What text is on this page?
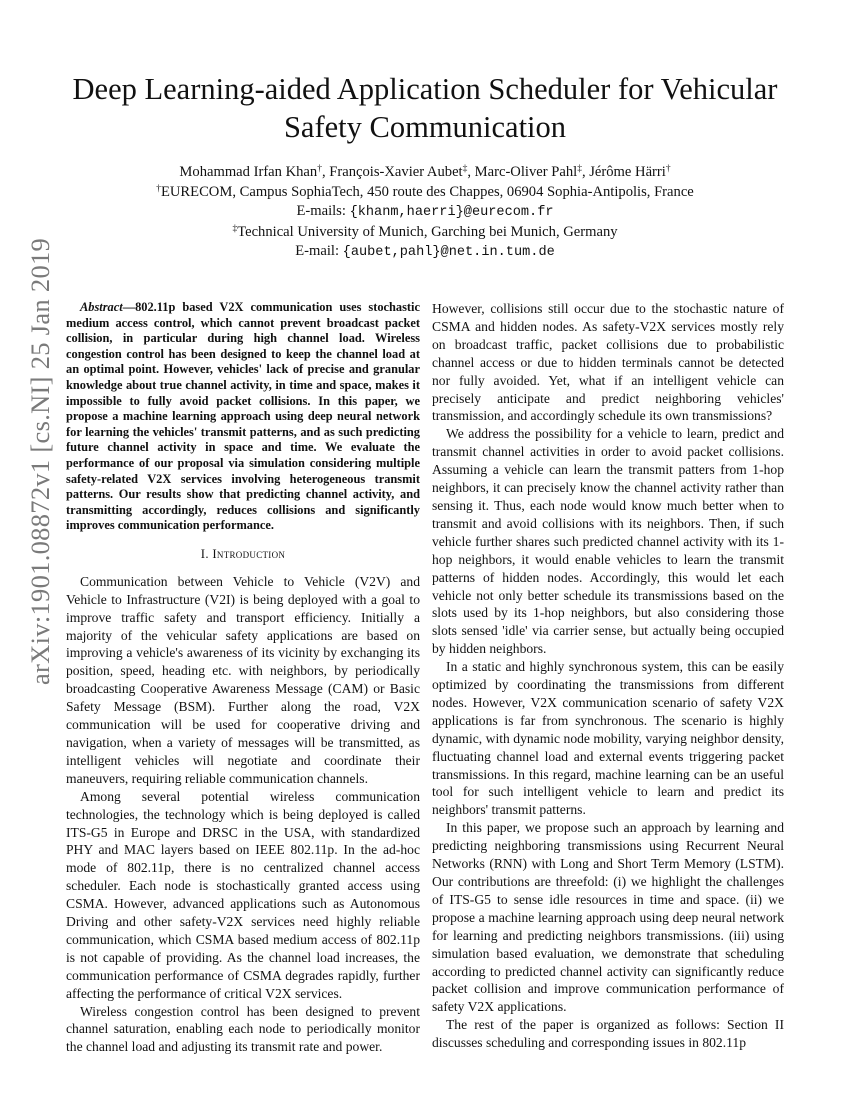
Deep Learning-aided Application Scheduler for Vehicular Safety Communication
Mohammad Irfan Khan†, François-Xavier Aubet‡, Marc-Oliver Pahl‡, Jérôme Härri†
†EURECOM, Campus SophiaTech, 450 route des Chappes, 06904 Sophia-Antipolis, France
E-mails: {khanm,haerri}@eurecom.fr
‡Technical University of Munich, Garching bei Munich, Germany
E-mail: {aubet,pahl}@net.in.tum.de
arXiv:1901.08872v1 [cs.NI] 25 Jan 2019	Abstract—802.11p based V2X communication uses stochastic medium access control, which cannot prevent broadcast packet collision, in particular during high channel load. Wireless congestion control has been designed to keep the channel load at an optimal point. However, vehicles' lack of precise and granular knowledge about true channel activity, in time and space, makes it impossible to fully avoid packet collisions. In this paper, we propose a machine learning approach using deep neural network for learning the vehicles' transmit patterns, and as such predicting future channel activity in space and time. We evaluate the performance of our proposal via simulation considering multiple safety-related V2X services involving heterogeneous transmit patterns. Our results show that predicting channel activity, and transmitting accordingly, reduces collisions and significantly improves communication performance.

I. Introduction

Communication between Vehicle to Vehicle (V2V) and Vehicle to Infrastructure (V2I) is being deployed with a goal to improve traffic safety and transport efficiency. Initially a majority of the vehicular safety applications are based on improving a vehicle's awareness of its vicinity by exchanging its position, speed, heading etc. with neighbors, by periodically broadcasting Cooperative Awareness Message (CAM) or Basic Safety Message (BSM). Further along the road, V2X communication will be used for cooperative driving and navigation, when a variety of messages will be transmitted, as intelligent vehicles will negotiate and coordinate their maneuvers, requiring reliable communication channels.

Among several potential wireless communication technologies, the technology which is being deployed is called ITS-G5 in Europe and DRSC in the USA, with standardized PHY and MAC layers based on IEEE 802.11p. In the ad-hoc mode of 802.11p, there is no centralized channel access scheduler. Each node is stochastically granted access using CSMA. However, advanced applications such as Autonomous Driving and other safety-V2X services need highly reliable communication, which CSMA based medium access of 802.11p is not capable of providing. As the channel load increases, the communication performance of CSMA degrades rapidly, further affecting the performance of critical V2X services.

Wireless congestion control has been designed to prevent channel saturation, enabling each node to periodically monitor the channel load and adjusting its transmit rate and power.

However, collisions still occur due to the stochastic nature of CSMA and hidden nodes. As safety-V2X services mostly rely on broadcast traffic, packet collisions due to probabilistic channel access or due to hidden terminals cannot be detected nor fully avoided. Yet, what if an intelligent vehicle can precisely anticipate and predict neighboring vehicles' transmission, and accordingly schedule its own transmissions?

We address the possibility for a vehicle to learn, predict and transmit channel activities in order to avoid packet collisions. Assuming a vehicle can learn the transmit patters from 1-hop neighbors, it can precisely know the channel activity rather than sensing it. Thus, each node would know much better when to transmit and avoid collisions with its neighbors. Then, if such vehicle further shares such predicted channel activity with its 1-hop neighbors, it would enable vehicles to learn the transmit patterns of hidden nodes. Accordingly, this would let each vehicle not only better schedule its transmissions based on the slots used by its 1-hop neighbors, but also considering those slots sensed 'idle' via carrier sense, but actually being occupied by hidden neighbors.

In a static and highly synchronous system, this can be easily optimized by coordinating the transmissions from different nodes. However, V2X communication scenario of safety V2X applications is far from synchronous. The scenario is highly dynamic, with dynamic node mobility, varying neighbor density, fluctuating channel load and external events triggering packet transmissions. In this regard, machine learning can be an useful tool for such intelligent vehicle to learn and predict its neighbors' transmit patterns.

In this paper, we propose such an approach by learning and predicting neighboring transmissions using Recurrent Neural Networks (RNN) with Long and Short Term Memory (LSTM). Our contributions are threefold: (i) we highlight the challenges of ITS-G5 to sense idle resources in time and space. (ii) we propose a machine learning approach using deep neural network for learning and predicting neighbors transmissions. (iii) using simulation based evaluation, we demonstrate that scheduling according to predicted channel activity can significantly reduce packet collision and improve communication performance of safety V2X applications.

The rest of the paper is organized as follows: Section II discusses scheduling and corresponding issues in 802.11p
